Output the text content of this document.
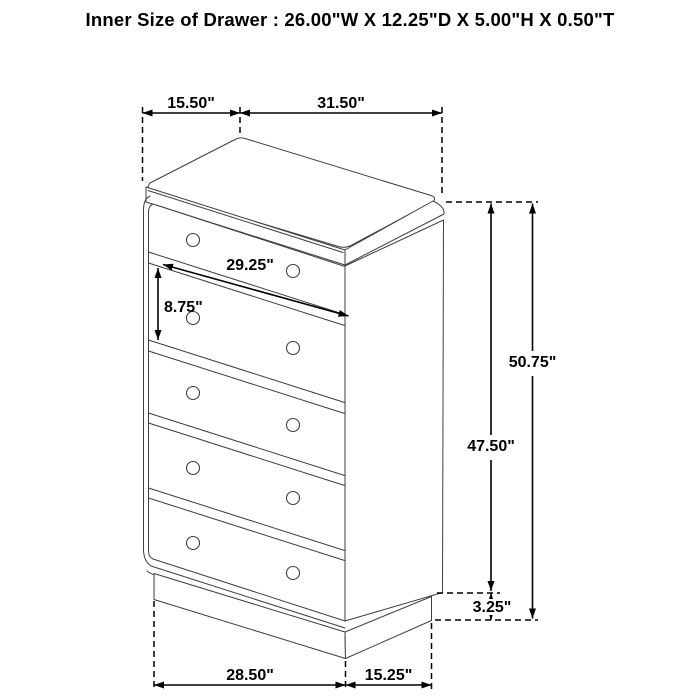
Inner Size of Drawer : 26.00"W X 12.25"D X 5.00"H X 0.50"T
15.50"	31.50"
29.25"
8.75"
50.75"
47.50"
3.25"
28.50"	15.25"
